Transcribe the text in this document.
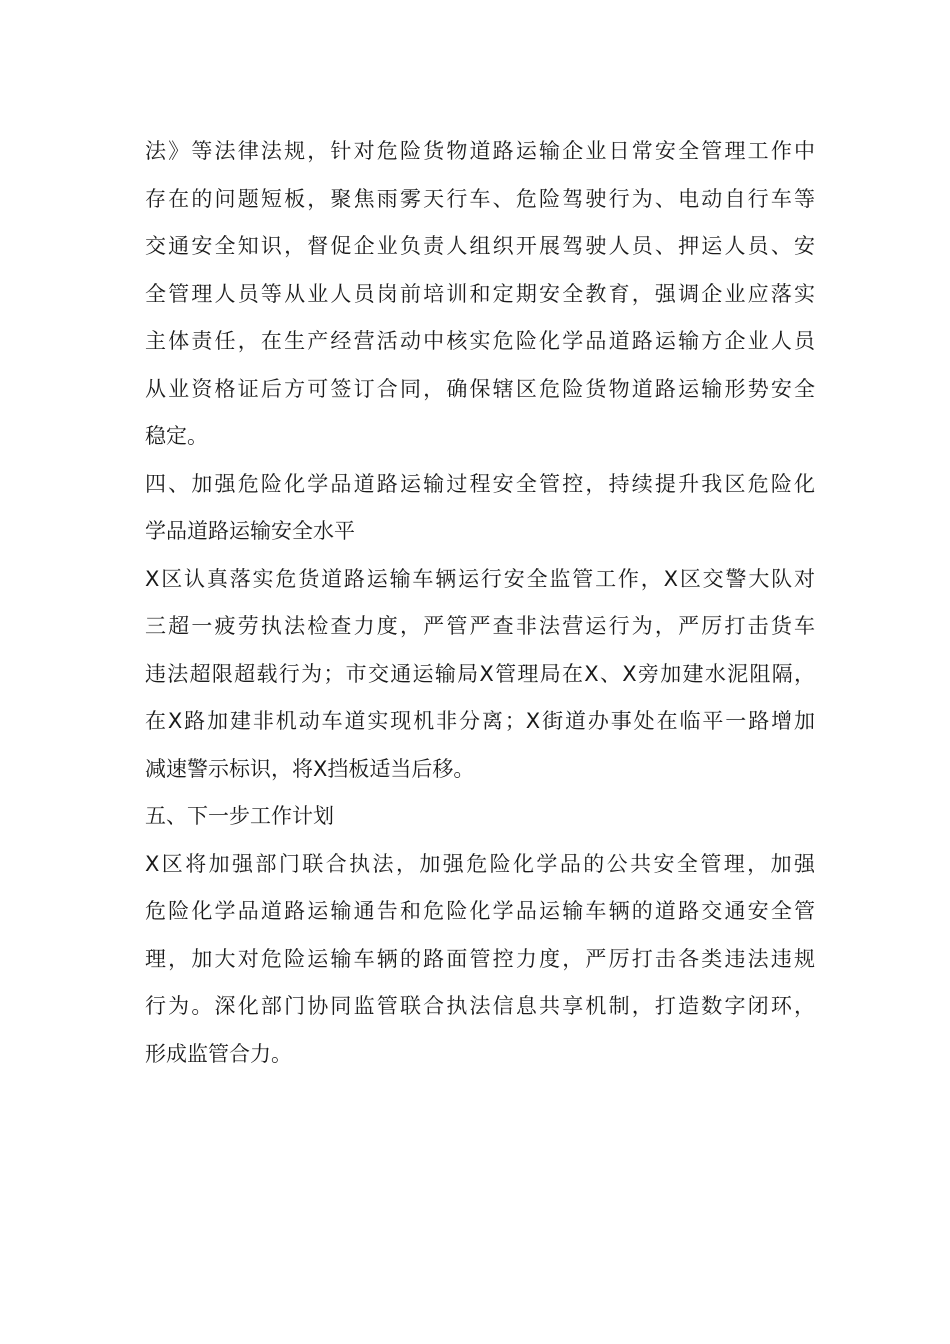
法》等法律法规，针对危险货物道路运输企业日常安全管理工作中
存在的问题短板，聚焦雨雾天行车、危险驾驶行为、电动自行车等
交通安全知识，督促企业负责人组织开展驾驶人员、押运人员、安
全管理人员等从业人员岗前培训和定期安全教育，强调企业应落实
主体责任，在生产经营活动中核实危险化学品道路运输方企业人员
从业资格证后方可签订合同，确保辖区危险货物道路运输形势安全
稳定。
四、加强危险化学品道路运输过程安全管控，持续提升我区危险化
学品道路运输安全水平
X区认真落实危货道路运输车辆运行安全监管工作，X区交警大队对
三超一疲劳执法检查力度，严管严查非法营运行为，严厉打击货车
违法超限超载行为；市交通运输局X管理局在X、X旁加建水泥阻隔，
在X路加建非机动车道实现机非分离；X街道办事处在临平一路增加
减速警示标识，将X挡板适当后移。
五、下一步工作计划
X区将加强部门联合执法，加强危险化学品的公共安全管理，加强
危险化学品道路运输通告和危险化学品运输车辆的道路交通安全管
理，加大对危险运输车辆的路面管控力度，严厉打击各类违法违规
行为。深化部门协同监管联合执法信息共享机制，打造数字闭环，
形成监管合力。
